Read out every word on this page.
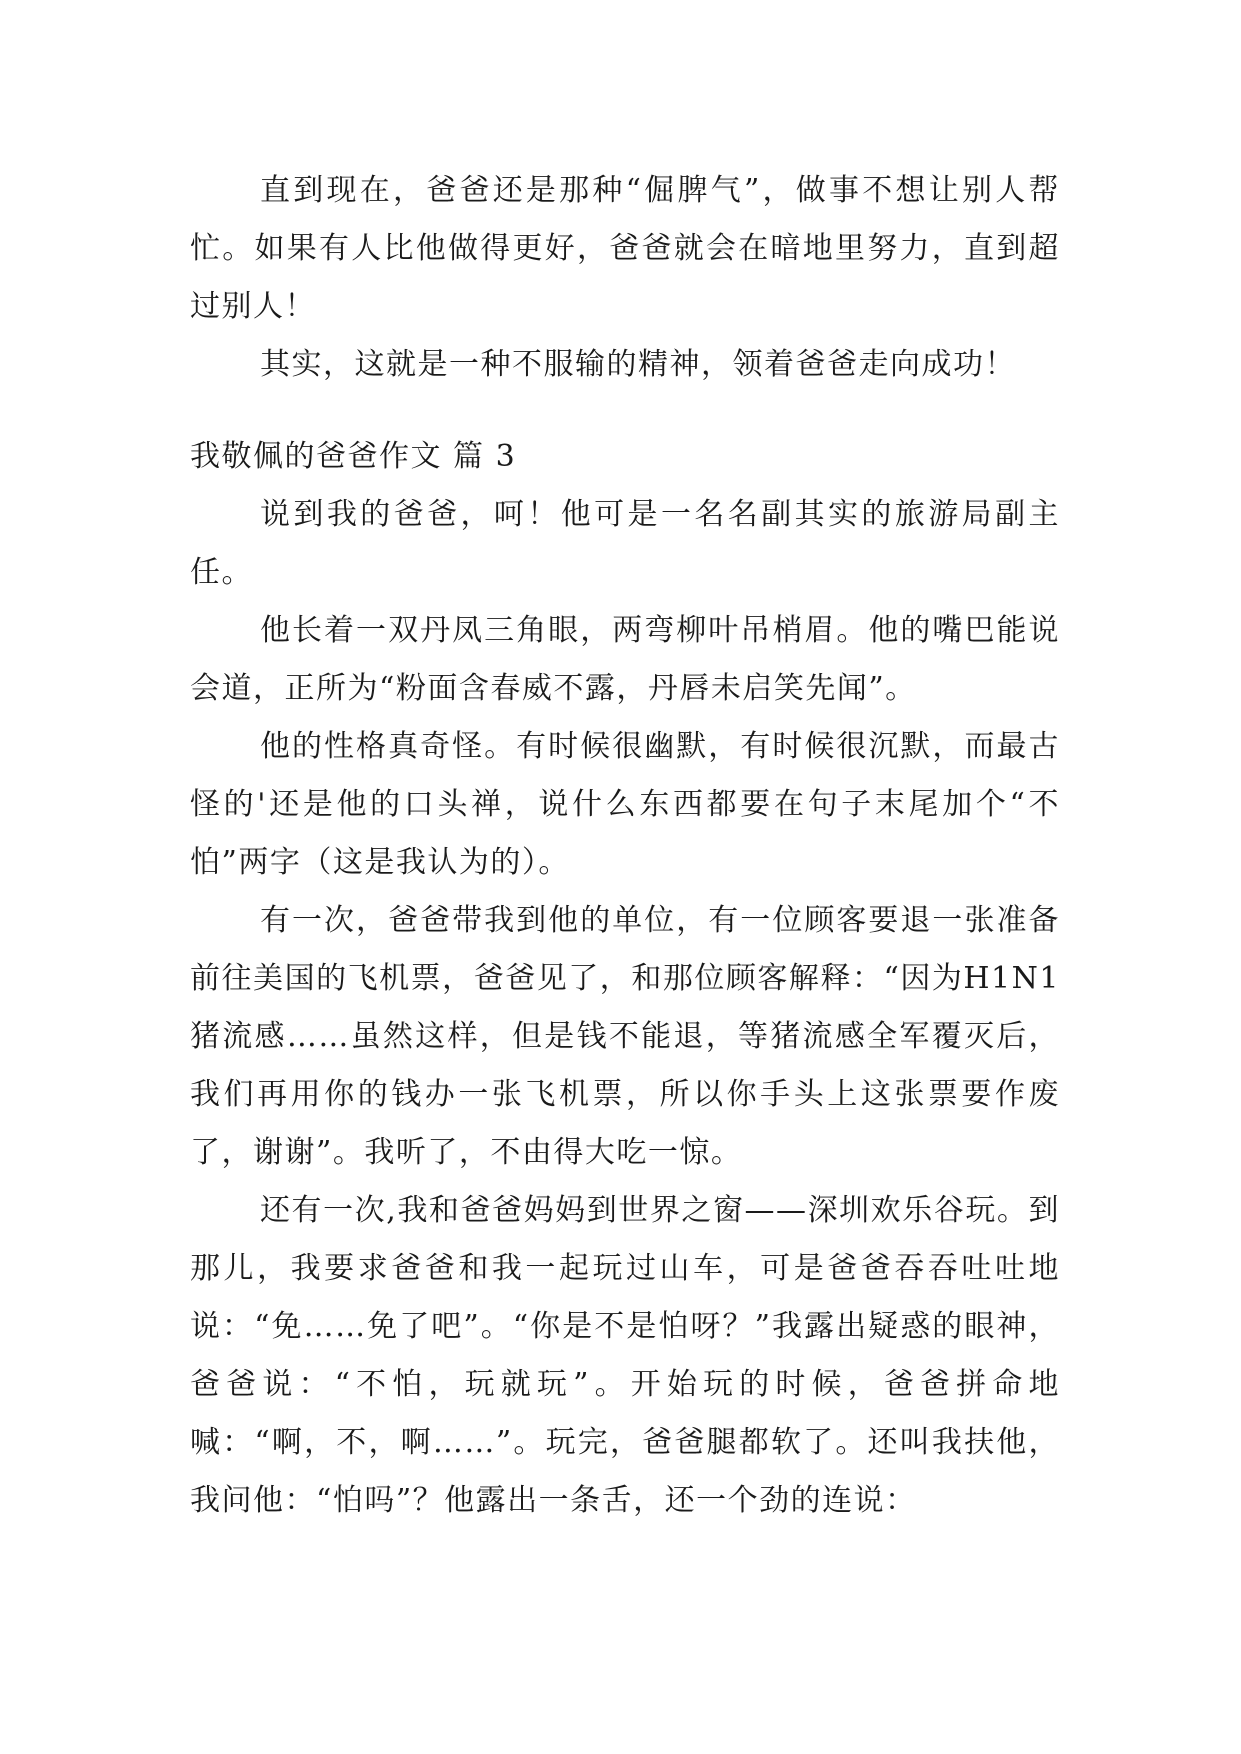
直到现在，爸爸还是那种“倔脾气”，做事不想让别人帮忙。如果有人比他做得更好，爸爸就会在暗地里努力，直到超过别人！

其实，这就是一种不服输的精神，领着爸爸走向成功！

我敬佩的爸爸作文 篇 3

说到我的爸爸，呵！他可是一名名副其实的旅游局副主任。

他长着一双丹凤三角眼，两弯柳叶吊梢眉。他的嘴巴能说会道，正所为“粉面含春威不露，丹唇未启笑先闻”。

他的性格真奇怪。有时候很幽默，有时候很沉默，而最古怪的'还是他的口头禅，说什么东西都要在句子末尾加个“不怕”两字（这是我认为的）。

有一次，爸爸带我到他的单位，有一位顾客要退一张准备前往美国的飞机票，爸爸见了，和那位顾客解释：“因为H1N1 猪流感……虽然这样，但是钱不能退，等猪流感全军覆灭后，我们再用你的钱办一张飞机票，所以你手头上这张票要作废了，谢谢”。我听了，不由得大吃一惊。

还有一次,我和爸爸妈妈到世界之窗——深圳欢乐谷玩。到那儿，我要求爸爸和我一起玩过山车，可是爸爸吞吞吐吐地说：“免……免了吧”。“你是不是怕呀？”我露出疑惑的眼神，爸爸说：“不怕，玩就玩”。开始玩的时候，爸爸拼命地喊：“啊，不，啊……”。玩完，爸爸腿都软了。还叫我扶他，我问他：“怕吗”？他露出一条舌，还一个劲的连说：
